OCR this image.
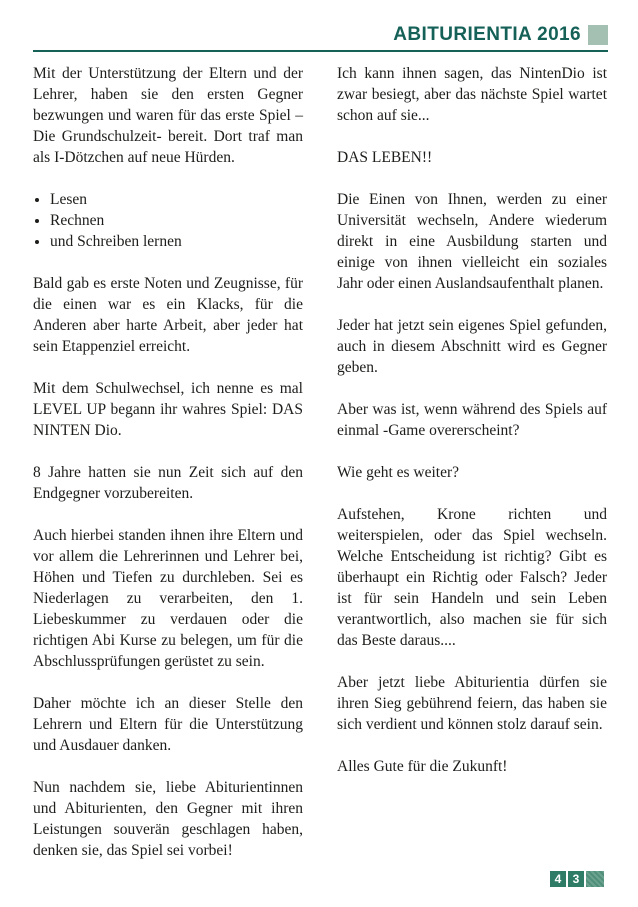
ABITURIENTIA 2016

Mit der Unterstützung der Eltern und der Lehrer, haben sie den ersten Gegner bezwungen und waren für das erste Spiel – Die Grundschulzeit- bereit. Dort traf man als I-Dötzchen auf neue Hürden.

• Lesen
• Rechnen
• und Schreiben lernen

Bald gab es erste Noten und Zeugnisse, für die einen war es ein Klacks, für die Anderen aber harte Arbeit, aber jeder hat sein Etappenziel erreicht.

Mit dem Schulwechsel, ich nenne es mal LEVEL UP begann ihr wahres Spiel: DAS NINTEN Dio.

8 Jahre hatten sie nun Zeit sich auf den Endgegner vorzubereiten.

Auch hierbei standen ihnen ihre Eltern und vor allem die Lehrerinnen und Lehrer bei, Höhen und Tiefen zu durchleben. Sei es Niederlagen zu verarbeiten, den 1. Liebeskummer zu verdauen oder die richtigen Abi Kurse zu belegen, um für die Abschlussprüfungen gerüstet zu sein.

Daher möchte ich an dieser Stelle den Lehrern und Eltern für die Unterstützung und Ausdauer danken.

Nun nachdem sie, liebe Abiturientinnen und Abiturienten, den Gegner mit ihren Leistungen souverän geschlagen haben, denken sie, das Spiel sei vorbei!

Ich kann ihnen sagen, das NintenDio ist zwar besiegt, aber das nächste Spiel wartet schon auf sie...

DAS LEBEN!!

Die Einen von Ihnen, werden zu einer Universität wechseln, Andere wiederum direkt in eine Ausbildung starten und einige von ihnen vielleicht ein soziales Jahr oder einen Auslandsaufenthalt planen.

Jeder hat jetzt sein eigenes Spiel gefunden, auch in diesem Abschnitt wird es Gegner geben.

Aber was ist, wenn während des Spiels auf einmal -Game overerscheint?

Wie geht es weiter?

Aufstehen, Krone richten und weiterspielen, oder das Spiel wechseln. Welche Entscheidung ist richtig? Gibt es überhaupt ein Richtig oder Falsch? Jeder ist für sein Handeln und sein Leben verantwortlich, also machen sie für sich das Beste daraus....

Aber jetzt liebe Abiturientia dürfen sie ihren Sieg gebührend feiern, das haben sie sich verdient und können stolz darauf sein.

Alles Gute für die Zukunft!

4 3
